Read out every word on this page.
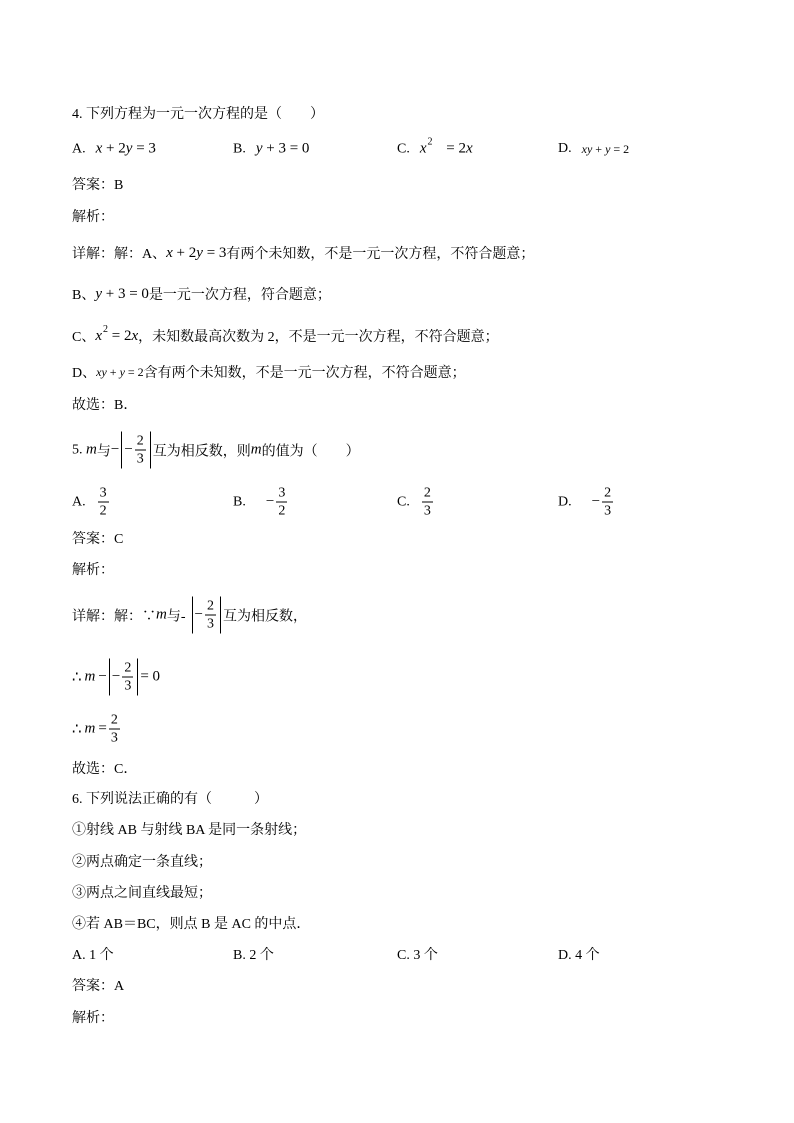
4. 下列方程为一元一次方程的是（　　）
A. x + 2y = 3	B. y + 3 = 0	C. x 2 = 2x	D. xy + y = 2
答案：B
解析：
详解：解：A、 x + 2y = 3 有两个未知数，不是一元一次方程，不符合题意；
B、 y + 3 = 0 是一元一次方程，符合题意；
C、 x 2 = 2x ，未知数最高次数为 2，不是一元一次方程，不符合题意；
D、 xy + y = 2 含有两个未知数，不是一元一次方程，不符合题意；
故选：B．
5. m 与 − − $\frac{2}{3}$ 互为相反数，则 m 的值为（　　）
A. $\frac{3}{2}$	B. − $\frac{3}{2}$	C. $\frac{2}{3}$	D. − $\frac{2}{3}$
答案：C
解析：
详解：解：∵ m 与- − $\frac{2}{3}$ 互为相反数，
∴ m − − $\frac{2}{3} = 0$
∴ $m = \frac{2}{3}$
故选：C．
6. 下列说法正确的有（　　　）
①射线 AB 与射线 BA 是同一条射线；
②两点确定一条直线；
③两点之间直线最短；
④若 AB＝BC，则点 B 是 AC 的中点．
A. 1 个	B. 2 个	C. 3 个	D. 4 个
答案：A
解析：
